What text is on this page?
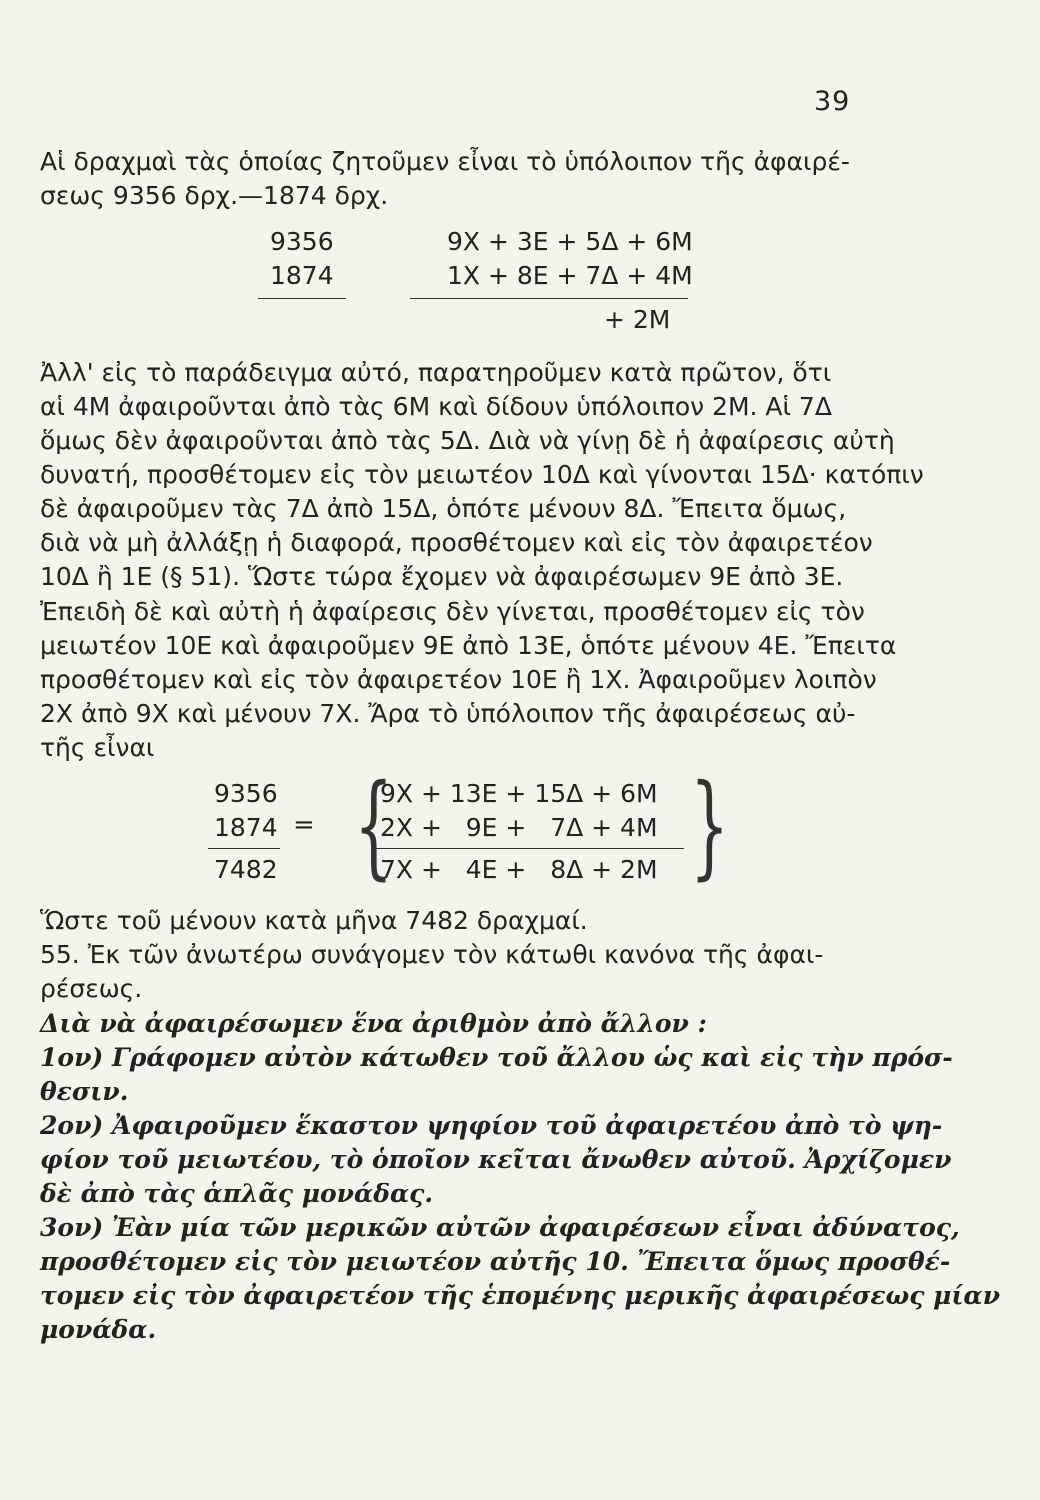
39
Αἱ δραχμαὶ τὰς ὁποίας ζητοῦμεν εἶναι τὸ ὑπόλοιπον τῆς ἀφαιρέ-
σεως 9356 δρχ.—1874 δρχ.
9356
1874
9Χ + 3Ε + 5Δ + 6Μ
1Χ + 8Ε + 7Δ + 4Μ
+ 2Μ
Ἀλλ' εἰς τὸ παράδειγμα αὐτό, παρατηροῦμεν κατὰ πρῶτον, ὅτι
αἱ 4Μ ἀφαιροῦνται ἀπὸ τὰς 6Μ καὶ δίδουν ὑπόλοιπον 2Μ. Αἱ 7Δ
ὅμως δὲν ἀφαιροῦνται ἀπὸ τὰς 5Δ. Διὰ νὰ γίνῃ δὲ ἡ ἀφαίρεσις αὐτὴ
δυνατή, προσθέτομεν εἰς τὸν μειωτέον 10Δ καὶ γίνονται 15Δ· κατόπιν
δὲ ἀφαιροῦμεν τὰς 7Δ ἀπὸ 15Δ, ὁπότε μένουν 8Δ. Ἔπειτα ὅμως,
διὰ νὰ μὴ ἀλλάξῃ ἡ διαφορά, προσθέτομεν καὶ εἰς τὸν ἀφαιρετέον
10Δ ἢ 1Ε (§ 51). Ὥστε τώρα ἔχομεν νὰ ἀφαιρέσωμεν 9Ε ἀπὸ 3Ε.
Ἐπειδὴ δὲ καὶ αὐτὴ ἡ ἀφαίρεσις δὲν γίνεται, προσθέτομεν εἰς τὸν
μειωτέον 10Ε καὶ ἀφαιροῦμεν 9Ε ἀπὸ 13Ε, ὁπότε μένουν 4Ε. Ἔπειτα
προσθέτομεν καὶ εἰς τὸν ἀφαιρετέον 10Ε ἢ 1Χ. Ἀφαιροῦμεν λοιπὸν
2Χ ἀπὸ 9Χ καὶ μένουν 7Χ. Ἄρα τὸ ὑπόλοιπον τῆς ἀφαιρέσεως αὐ-
τῆς εἶναι
9356
1874
7482
= {
9Χ + 13Ε + 15Δ + 6Μ
2Χ +   9Ε +   7Δ + 4Μ
7Χ +   4Ε +   8Δ + 2Μ }
Ὥστε τοῦ μένουν κατὰ μῆνα 7482 δραχμαί.
55. Ἐκ τῶν ἀνωτέρω συνάγομεν τὸν κάτωθι κανόνα τῆς ἀφαι-
ρέσεως.
Διὰ νὰ ἀφαιρέσωμεν ἕνα ἀριθμὸν ἀπὸ ἄλλον :
1ον) Γράφομεν αὐτὸν κάτωθεν τοῦ ἄλλου ὡς καὶ εἰς τὴν πρόσ-
θεσιν.
2ον) Ἀφαιροῦμεν ἕκαστον ψηφίον τοῦ ἀφαιρετέου ἀπὸ τὸ ψη-
φίον τοῦ μειωτέου, τὸ ὁποῖον κεῖται ἄνωθεν αὐτοῦ. Ἀρχίζομεν
δὲ ἀπὸ τὰς ἁπλᾶς μονάδας.
3ον) Ἐὰν μία τῶν μερικῶν αὐτῶν ἀφαιρέσεων εἶναι ἀδύνατος,
προσθέτομεν εἰς τὸν μειωτέον αὐτῆς 10. Ἔπειτα ὅμως προσθέ-
τομεν εἰς τὸν ἀφαιρετέον τῆς ἑπομένης μερικῆς ἀφαιρέσεως μίαν
μονάδα.
